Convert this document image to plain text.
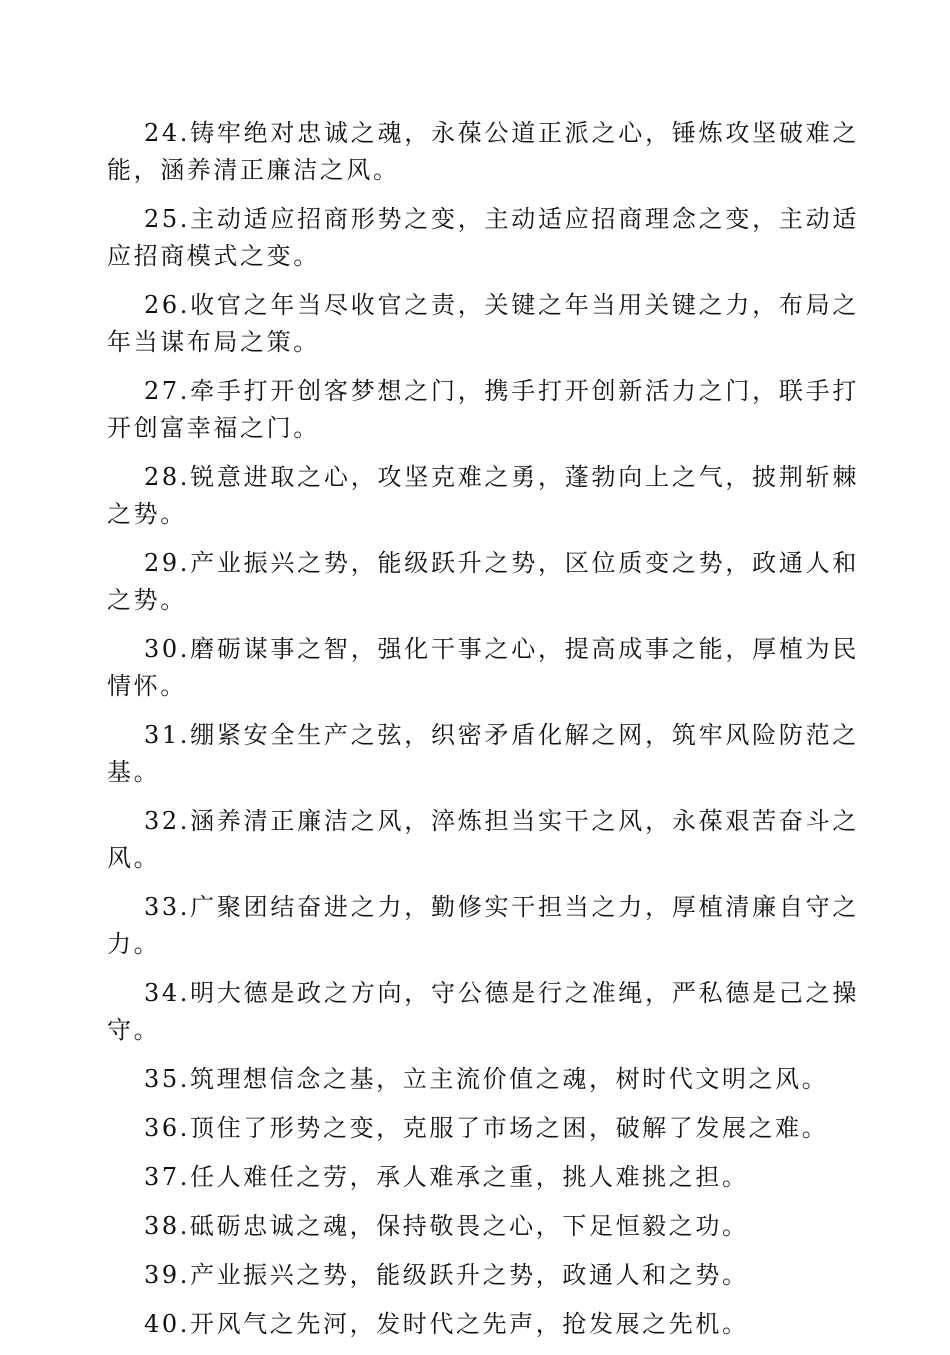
24.铸牢绝对忠诚之魂，永葆公道正派之心，锤炼攻坚破难之能，涵养清正廉洁之风。

25.主动适应招商形势之变，主动适应招商理念之变，主动适应招商模式之变。

26.收官之年当尽收官之责，关键之年当用关键之力，布局之年当谋布局之策。

27.牵手打开创客梦想之门，携手打开创新活力之门，联手打开创富幸福之门。

28.锐意进取之心，攻坚克难之勇，蓬勃向上之气，披荆斩棘之势。

29.产业振兴之势，能级跃升之势，区位质变之势，政通人和之势。

30.磨砺谋事之智，强化干事之心，提高成事之能，厚植为民情怀。

31.绷紧安全生产之弦，织密矛盾化解之网，筑牢风险防范之基。

32.涵养清正廉洁之风，淬炼担当实干之风，永葆艰苦奋斗之风。

33.广聚团结奋进之力，勤修实干担当之力，厚植清廉自守之力。

34.明大德是政之方向，守公德是行之准绳，严私德是己之操守。

35.筑理想信念之基，立主流价值之魂，树时代文明之风。

36.顶住了形势之变，克服了市场之困，破解了发展之难。

37.任人难任之劳，承人难承之重，挑人难挑之担。

38.砥砺忠诚之魂，保持敬畏之心，下足恒毅之功。

39.产业振兴之势，能级跃升之势，政通人和之势。

40.开风气之先河，发时代之先声，抢发展之先机。
